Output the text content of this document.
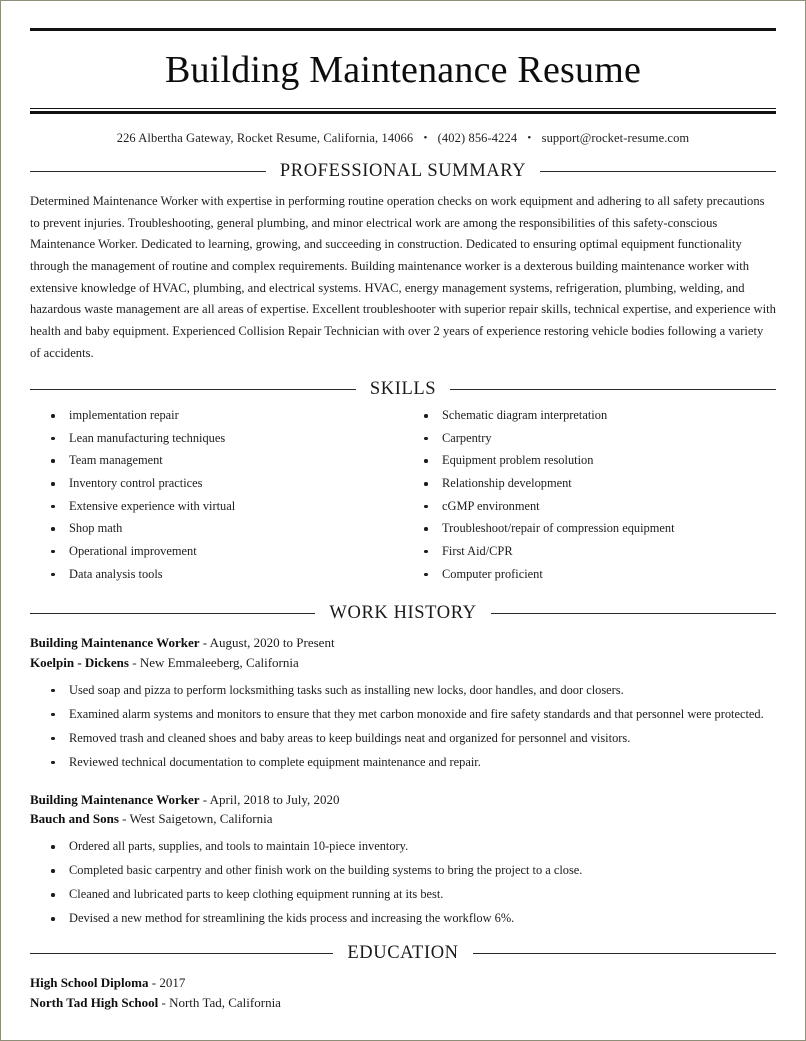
Building Maintenance Resume
226 Albertha Gateway, Rocket Resume, California, 14066 • (402) 856-4224 • support@rocket-resume.com
PROFESSIONAL SUMMARY

Determined Maintenance Worker with expertise in performing routine operation checks on work equipment and adhering to all safety precautions to prevent injuries. Troubleshooting, general plumbing, and minor electrical work are among the responsibilities of this safety-conscious Maintenance Worker. Dedicated to learning, growing, and succeeding in construction. Dedicated to ensuring optimal equipment functionality through the management of routine and complex requirements. Building maintenance worker is a dexterous building maintenance worker with extensive knowledge of HVAC, plumbing, and electrical systems. HVAC, energy management systems, refrigeration, plumbing, welding, and hazardous waste management are all areas of expertise. Excellent troubleshooter with superior repair skills, technical expertise, and experience with health and baby equipment. Experienced Collision Repair Technician with over 2 years of experience restoring vehicle bodies following a variety of accidents.

SKILLS
implementation repair
Lean manufacturing techniques
Team management
Inventory control practices
Extensive experience with virtual
Shop math
Operational improvement
Data analysis tools
Schematic diagram interpretation
Carpentry
Equipment problem resolution
Relationship development
cGMP environment
Troubleshoot/repair of compression equipment
First Aid/CPR
Computer proficient
WORK HISTORY
Building Maintenance Worker - August, 2020 to Present
Koelpin - Dickens - New Emmaleeberg, California
Used soap and pizza to perform locksmithing tasks such as installing new locks, door handles, and door closers.
Examined alarm systems and monitors to ensure that they met carbon monoxide and fire safety standards and that personnel were protected.
Removed trash and cleaned shoes and baby areas to keep buildings neat and organized for personnel and visitors.
Reviewed technical documentation to complete equipment maintenance and repair.
Building Maintenance Worker - April, 2018 to July, 2020
Bauch and Sons - West Saigetown, California
Ordered all parts, supplies, and tools to maintain 10-piece inventory.
Completed basic carpentry and other finish work on the building systems to bring the project to a close.
Cleaned and lubricated parts to keep clothing equipment running at its best.
Devised a new method for streamlining the kids process and increasing the workflow 6%.
EDUCATION
High School Diploma - 2017
North Tad High School - North Tad, California
